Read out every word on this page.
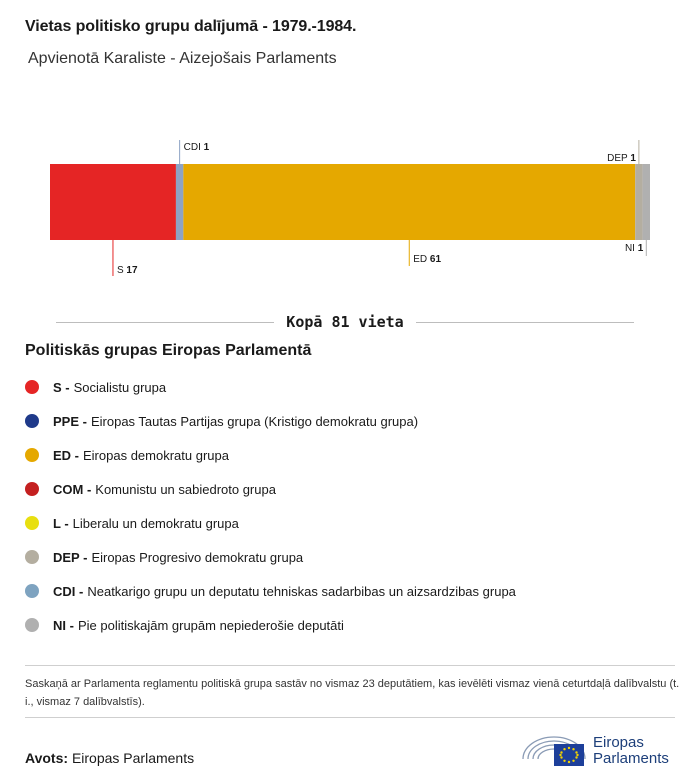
Vietas politisko grupu dalījumā - 1979.-1984.
Apvienotā Karaliste - Aizejošais Parlaments
S 17
CDI 1
ED 61
DEP 1
NI 1
Kopā 81 vieta
Politiskās grupas Eiropas Parlamentā
S - Socialistu grupa
PPE - Eiropas Tautas Partijas grupa (Kristigo demokratu grupa)
ED - Eiropas demokratu grupa
COM - Komunistu un sabiedroto grupa
L - Liberalu un demokratu grupa
DEP - Eiropas Progresivo demokratu grupa
CDI - Neatkarigo grupu un deputatu tehniskas sadarbibas un aizsardzibas grupa
NI - Pie politiskajām grupām nepiederošie deputāti
Saskaņā ar Parlamenta reglamentu politiskā grupa sastāv no vismaz 23 deputātiem, kas ievēlēti vismaz vienā ceturtdaļā dalībvalstu (t. i., vismaz 7 dalībvalstīs).
Avots: Eiropas Parlaments
Eiropas
Parlaments
